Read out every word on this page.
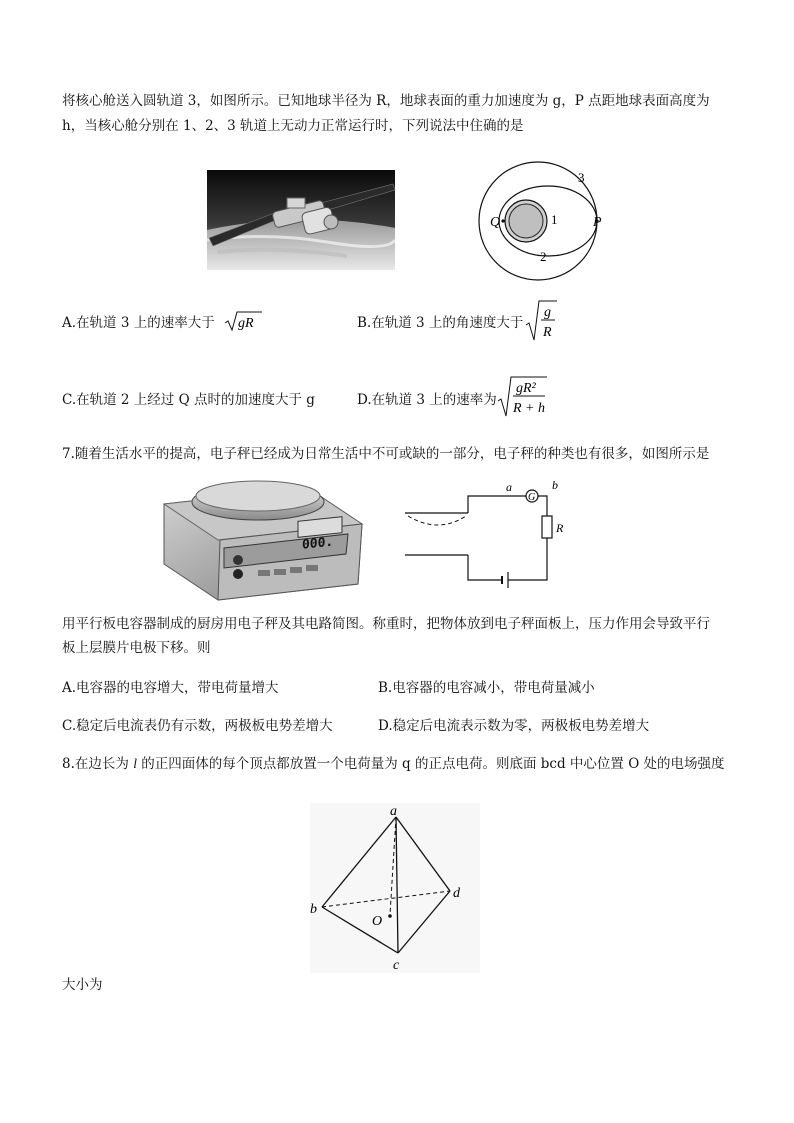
将核心舱送入圆轨道 3，如图所示。已知地球半径为 R，地球表面的重力加速度为 g，P 点距地球表面高度为
h，当核心舱分别在 1、2、3 轨道上无动力正常运行时，下列说法中住确的是
3
1
2
Q	P
A.在轨道 3 上的速率大于 gR	B.在轨道 3 上的角速度大于
g
R
C.在轨道 2 上经过 Q 点时的加速度大于 g	D.在轨道 3 上的速率为
gR²
R + h
7.随着生活水平的提高，电子秤已经成为日常生活中不可或缺的一部分，电子秤的种类也有很多，如图所示是
000.
G
a	b
R
用平行板电容器制成的厨房用电子秤及其电路简图。称重时，把物体放到电子秤面板上，压力作用会导致平行
板上层膜片电极下移。则
A.电容器的电容增大，带电荷量增大	B.电容器的电容减小，带电荷量减小
C.稳定后电流表仍有示数，两极板电势差增大	D.稳定后电流表示数为零，两极板电势差增大
8.在边长为 l 的正四面体的每个顶点都放置一个电荷量为 q 的正点电荷。则底面 bcd 中心位置 O 处的电场强度
a
b
c
d
O
大小为
